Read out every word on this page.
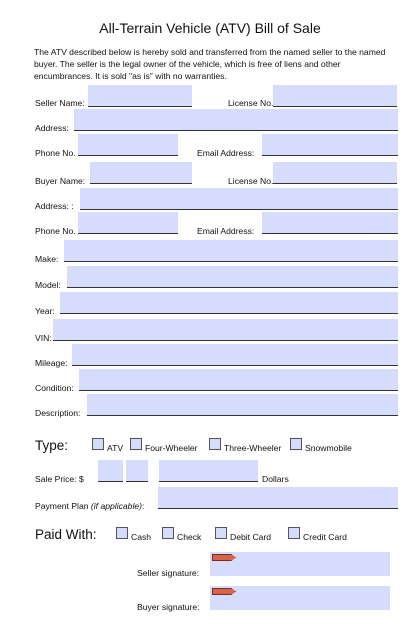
All-Terrain Vehicle (ATV) Bill of Sale
The ATV described below is hereby sold and transferred from the named seller to the named buyer. The seller is the legal owner of the vehicle, which is free of liens and other encumbrances. It is sold "as is" with no warranties.
Seller Name:	License No.
Address:
Phone No.	Email Address:
Buyer Name:	License No.
Address: :
Phone No.	Email Address:
Make:
Model:
Year:
VIN:
Mileage:
Condition:
Description:
Type:	ATV	Four-Wheeler	Three-Wheeler	Snowmobile
Sale Price: $	Dollars
Payment Plan (if applicable):
Paid With:	Cash	Check	Debit Card	Credit Card
Seller signature:
Buyer signature:
